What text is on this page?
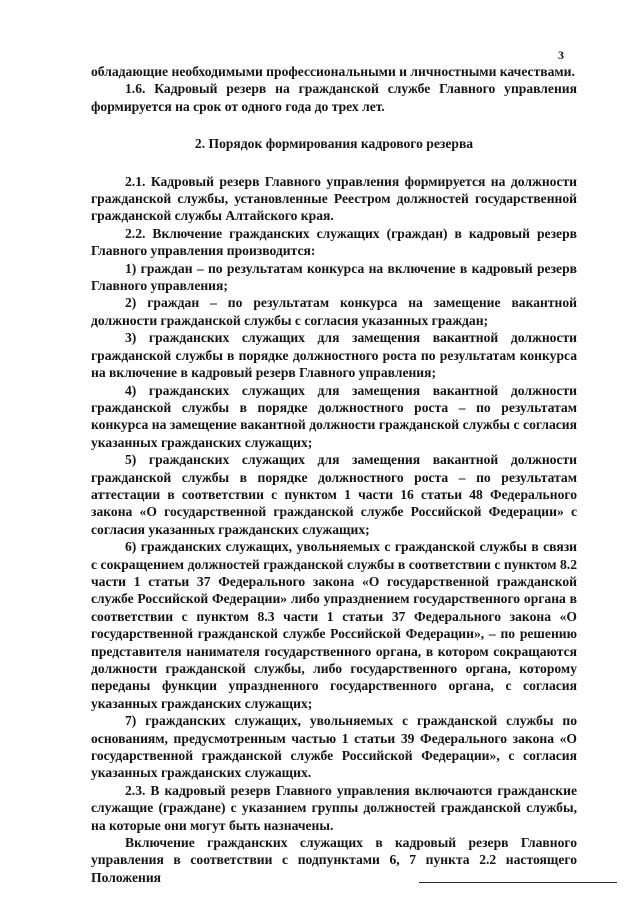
3

обладающие необходимыми профессиональными и личностными качествами.

1.6. Кадровый резерв на гражданской службе Главного управления формируется на срок от одного года до трех лет.

2. Порядок формирования кадрового резерва

2.1. Кадровый резерв Главного управления формируется на должности гражданской службы, установленные Реестром должностей государственной гражданской службы Алтайского края.

2.2. Включение гражданских служащих (граждан) в кадровый резерв Главного управления производится:

1) граждан – по результатам конкурса на включение в кадровый резерв Главного управления;

2) граждан – по результатам конкурса на замещение вакантной должности гражданской службы с согласия указанных граждан;

3) гражданских служащих для замещения вакантной должности гражданской службы в порядке должностного роста по результатам конкурса на включение в кадровый резерв Главного управления;

4) гражданских служащих для замещения вакантной должности гражданской службы в порядке должностного роста – по результатам конкурса на замещение вакантной должности гражданской службы с согласия указанных гражданских служащих;

5) гражданских служащих для замещения вакантной должности гражданской службы в порядке должностного роста – по результатам аттестации в соответствии с пунктом 1 части 16 статьи 48 Федерального закона «О государственной гражданской службе Российской Федерации» с согласия указанных гражданских служащих;

6) гражданских служащих, увольняемых с гражданской службы в связи с сокращением должностей гражданской службы в соответствии с пунктом 8.2 части 1 статьи 37 Федерального закона «О государственной гражданской службе Российской Федерации» либо упразднением государственного органа в соответствии с пунктом 8.3 части 1 статьи 37 Федерального закона «О государственной гражданской службе Российской Федерации», – по решению представителя нанимателя государственного органа, в котором сокращаются должности гражданской службы, либо государственного органа, которому переданы функции упраздненного государственного органа, с согласия указанных гражданских служащих;

7) гражданских служащих, увольняемых с гражданской службы по основаниям, предусмотренным частью 1 статьи 39 Федерального закона «О государственной гражданской службе Российской Федерации», с согласия указанных гражданских служащих.

2.3. В кадровый резерв Главного управления включаются гражданские служащие (граждане) с указанием группы должностей гражданской службы, на которые они могут быть назначены.

Включение гражданских служащих в кадровый резерв Главного управления в соответствии с подпунктами 6, 7 пункта 2.2 настоящего Положения
